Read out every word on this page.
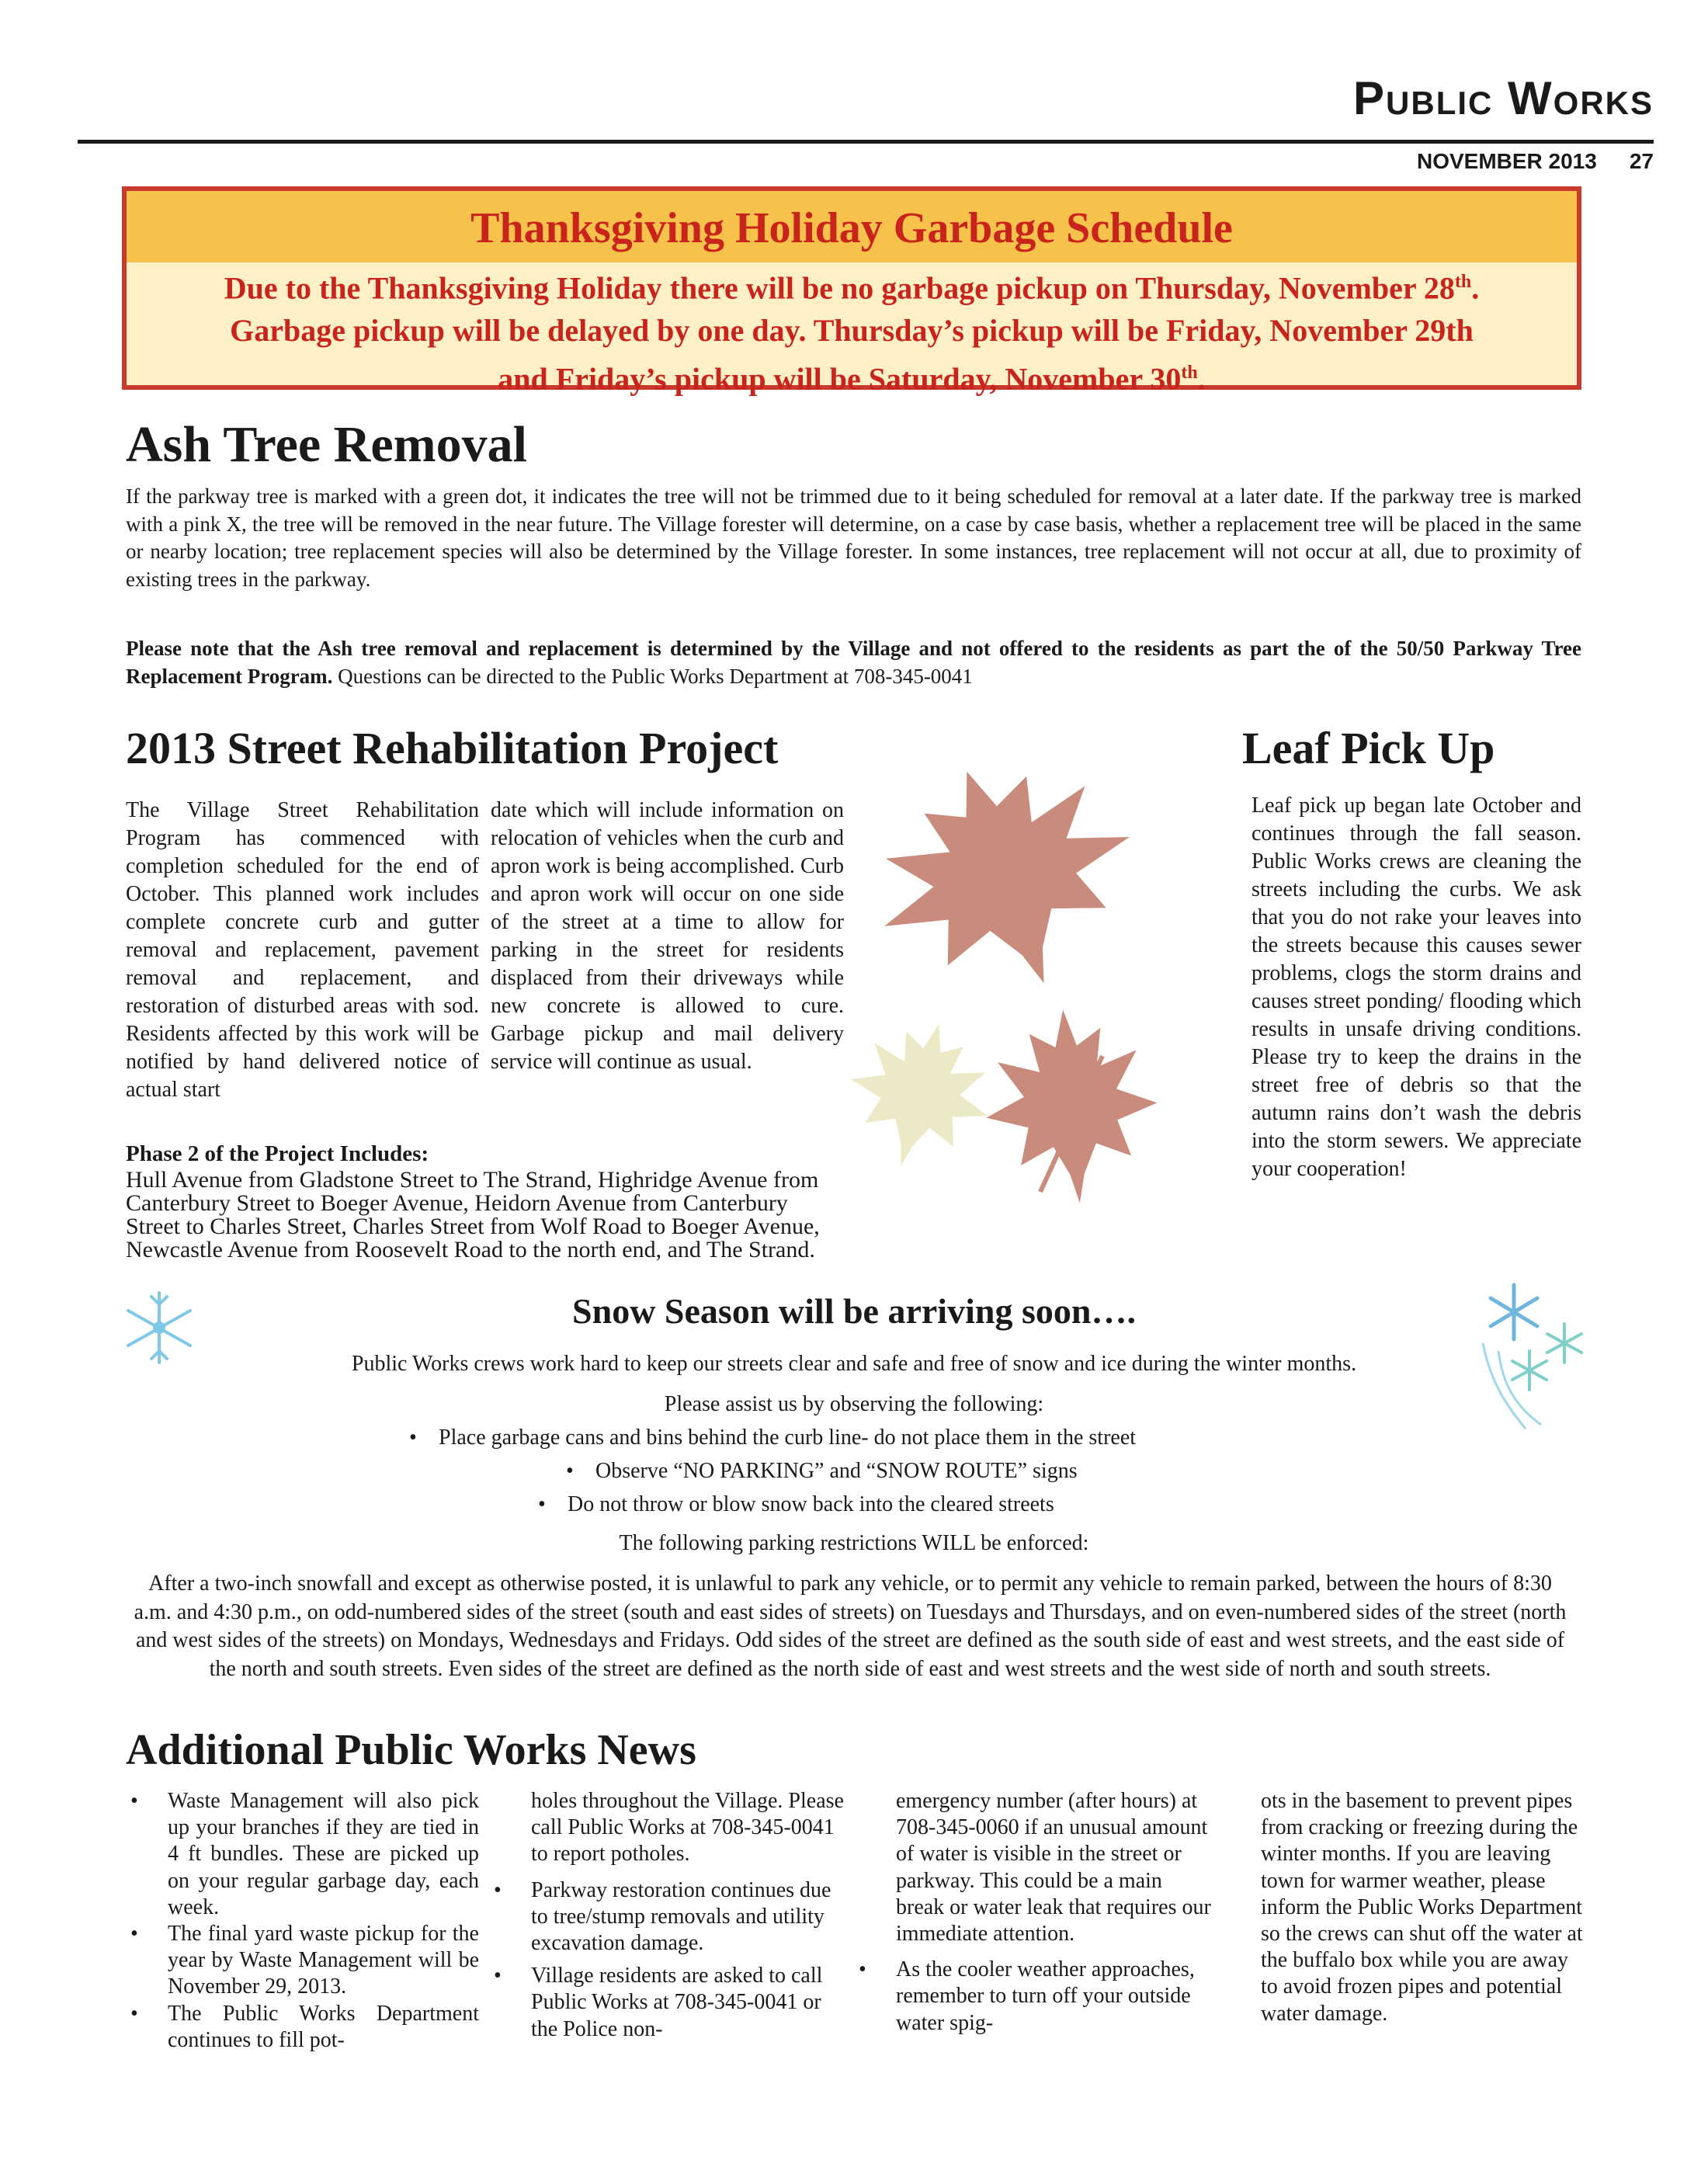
Public Works
NOVEMBER 2013 27
Thanksgiving Holiday Garbage Schedule
Due to the Thanksgiving Holiday there will be no garbage pickup on Thursday, November 28th.
Garbage pickup will be delayed by one day. Thursday’s pickup will be Friday, November 29th
and Friday’s pickup will be Saturday, November 30th.
Ash Tree Removal
If the parkway tree is marked with a green dot, it indicates the tree will not be trimmed due to it being scheduled for removal at a later date. If the parkway tree is marked with a pink X, the tree will be removed in the near future. The Village forester will determine, on a case by case basis, whether a replacement tree will be placed in the same or nearby location; tree replacement species will also be determined by the Village forester. In some instances, tree replacement will not occur at all, due to proximity of existing trees in the parkway.
Please note that the Ash tree removal and replacement is determined by the Village and not offered to the residents as part the of the 50/50 Parkway Tree Replacement Program. Questions can be directed to the Public Works Department at 708-345-0041
2013 Street Rehabilitation Project
The Village Street Rehabilitation Program has commenced with completion scheduled for the end of October. This planned work includes complete concrete curb and gutter removal and replacement, pavement removal and replacement, and restoration of disturbed areas with sod. Residents affected by this work will be notified by hand delivered notice of actual start
date which will include information on relocation of vehicles when the curb and apron work is being accomplished. Curb and apron work will occur on one side of the street at a time to allow for parking in the street for residents displaced from their driveways while new concrete is allowed to cure. Garbage pickup and mail delivery service will continue as usual.
Phase 2 of the Project Includes:
Hull Avenue from Gladstone Street to The Strand, Highridge Avenue from Canterbury Street to Boeger Avenue, Heidorn Avenue from Canterbury Street to Charles Street, Charles Street from Wolf Road to Boeger Avenue, Newcastle Avenue from Roosevelt Road to the north end, and The Strand.
Leaf Pick Up
Leaf pick up began late October and continues through the fall season. Public Works crews are cleaning the streets including the curbs. We ask that you do not rake your leaves into the streets because this causes sewer problems, clogs the storm drains and causes street ponding/ flooding which results in unsafe driving conditions. Please try to keep the drains in the street free of debris so that the autumn rains don’t wash the debris into the storm sewers. We appreciate your cooperation!
Snow Season will be arriving soon….
Public Works crews work hard to keep our streets clear and safe and free of snow and ice during the winter months.
Please assist us by observing the following:
• Place garbage cans and bins behind the curb line- do not place them in the street
• Observe “NO PARKING” and “SNOW ROUTE” signs
• Do not throw or blow snow back into the cleared streets
The following parking restrictions WILL be enforced:
After a two-inch snowfall and except as otherwise posted, it is unlawful to park any vehicle, or to permit any vehicle to remain parked, between the hours of 8:30 a.m. and 4:30 p.m., on odd-numbered sides of the street (south and east sides of streets) on Tuesdays and Thursdays, and on even-numbered sides of the street (north and west sides of the streets) on Mondays, Wednesdays and Fridays. Odd sides of the street are defined as the south side of east and west streets, and the east side of the north and south streets. Even sides of the street are defined as the north side of east and west streets and the west side of north and south streets.
Additional Public Works News
• Waste Management will also pick up your branches if they are tied in 4 ft bundles. These are picked up on your regular garbage day, each week.
• The final yard waste pickup for the year by Waste Management will be November 29, 2013.
• The Public Works Department continues to fill pot-
holes throughout the Village. Please call Public Works at 708-345-0041 to report potholes.
• Parkway restoration continues due to tree/stump removals and utility excavation damage.
• Village residents are asked to call Public Works at 708-345-0041 or the Police non-
emergency number (after hours) at 708-345-0060 if an unusual amount of water is visible in the street or parkway. This could be a main break or water leak that requires our immediate attention.
• As the cooler weather approaches, remember to turn off your outside water spig-
ots in the basement to prevent pipes from cracking or freezing during the winter months. If you are leaving town for warmer weather, please inform the Public Works Department so the crews can shut off the water at the buffalo box while you are away to avoid frozen pipes and potential water damage.
